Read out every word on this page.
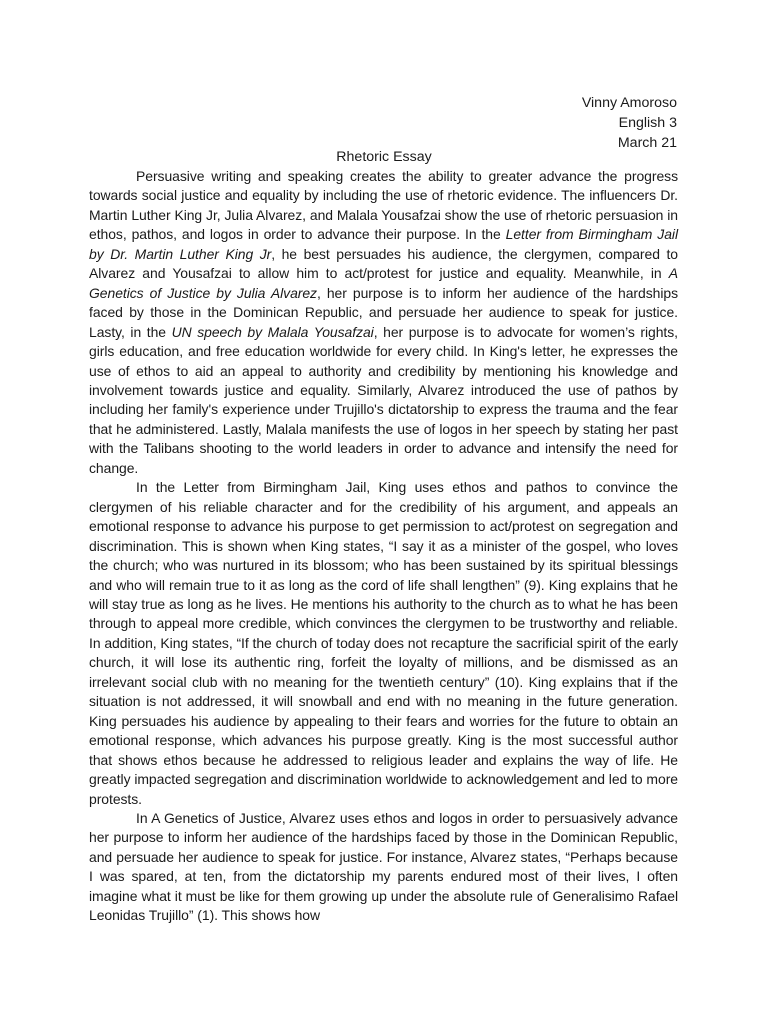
Vinny Amoroso
English 3
March 21
Rhetoric Essay

Persuasive writing and speaking creates the ability to greater advance the progress towards social justice and equality by including the use of rhetoric evidence. The influencers Dr. Martin Luther King Jr, Julia Alvarez, and Malala Yousafzai show the use of rhetoric persuasion in ethos, pathos, and logos in order to advance their purpose. In the Letter from Birmingham Jail by Dr. Martin Luther King Jr, he best persuades his audience, the clergymen, compared to Alvarez and Yousafzai to allow him to act/protest for justice and equality. Meanwhile, in A Genetics of Justice by Julia Alvarez, her purpose is to inform her audience of the hardships faced by those in the Dominican Republic, and persuade her audience to speak for justice. Lasty, in the UN speech by Malala Yousafzai, her purpose is to advocate for women’s rights, girls education, and free education worldwide for every child. In King's letter, he expresses the use of ethos to aid an appeal to authority and credibility by mentioning his knowledge and involvement towards justice and equality. Similarly, Alvarez introduced the use of pathos by including her family's experience under Trujillo's dictatorship to express the trauma and the fear that he administered. Lastly, Malala manifests the use of logos in her speech by stating her past with the Talibans shooting to the world leaders in order to advance and intensify the need for change.

In the Letter from Birmingham Jail, King uses ethos and pathos to convince the clergymen of his reliable character and for the credibility of his argument, and appeals an emotional response to advance his purpose to get permission to act/protest on segregation and discrimination. This is shown when King states, “I say it as a minister of the gospel, who loves the church; who was nurtured in its blossom; who has been sustained by its spiritual blessings and who will remain true to it as long as the cord of life shall lengthen” (9). King explains that he will stay true as long as he lives. He mentions his authority to the church as to what he has been through to appeal more credible, which convinces the clergymen to be trustworthy and reliable. In addition, King states, “If the church of today does not recapture the sacrificial spirit of the early church, it will lose its authentic ring, forfeit the loyalty of millions, and be dismissed as an irrelevant social club with no meaning for the twentieth century” (10). King explains that if the situation is not addressed, it will snowball and end with no meaning in the future generation. King persuades his audience by appealing to their fears and worries for the future to obtain an emotional response, which advances his purpose greatly. King is the most successful author that shows ethos because he addressed to religious leader and explains the way of life. He greatly impacted segregation and discrimination worldwide to acknowledgement and led to more protests.

In A Genetics of Justice, Alvarez uses ethos and logos in order to persuasively advance her purpose to inform her audience of the hardships faced by those in the Dominican Republic, and persuade her audience to speak for justice. For instance, Alvarez states, “Perhaps because I was spared, at ten, from the dictatorship my parents endured most of their lives, I often imagine what it must be like for them growing up under the absolute rule of Generalisimo Rafael Leonidas Trujillo” (1). This shows how
